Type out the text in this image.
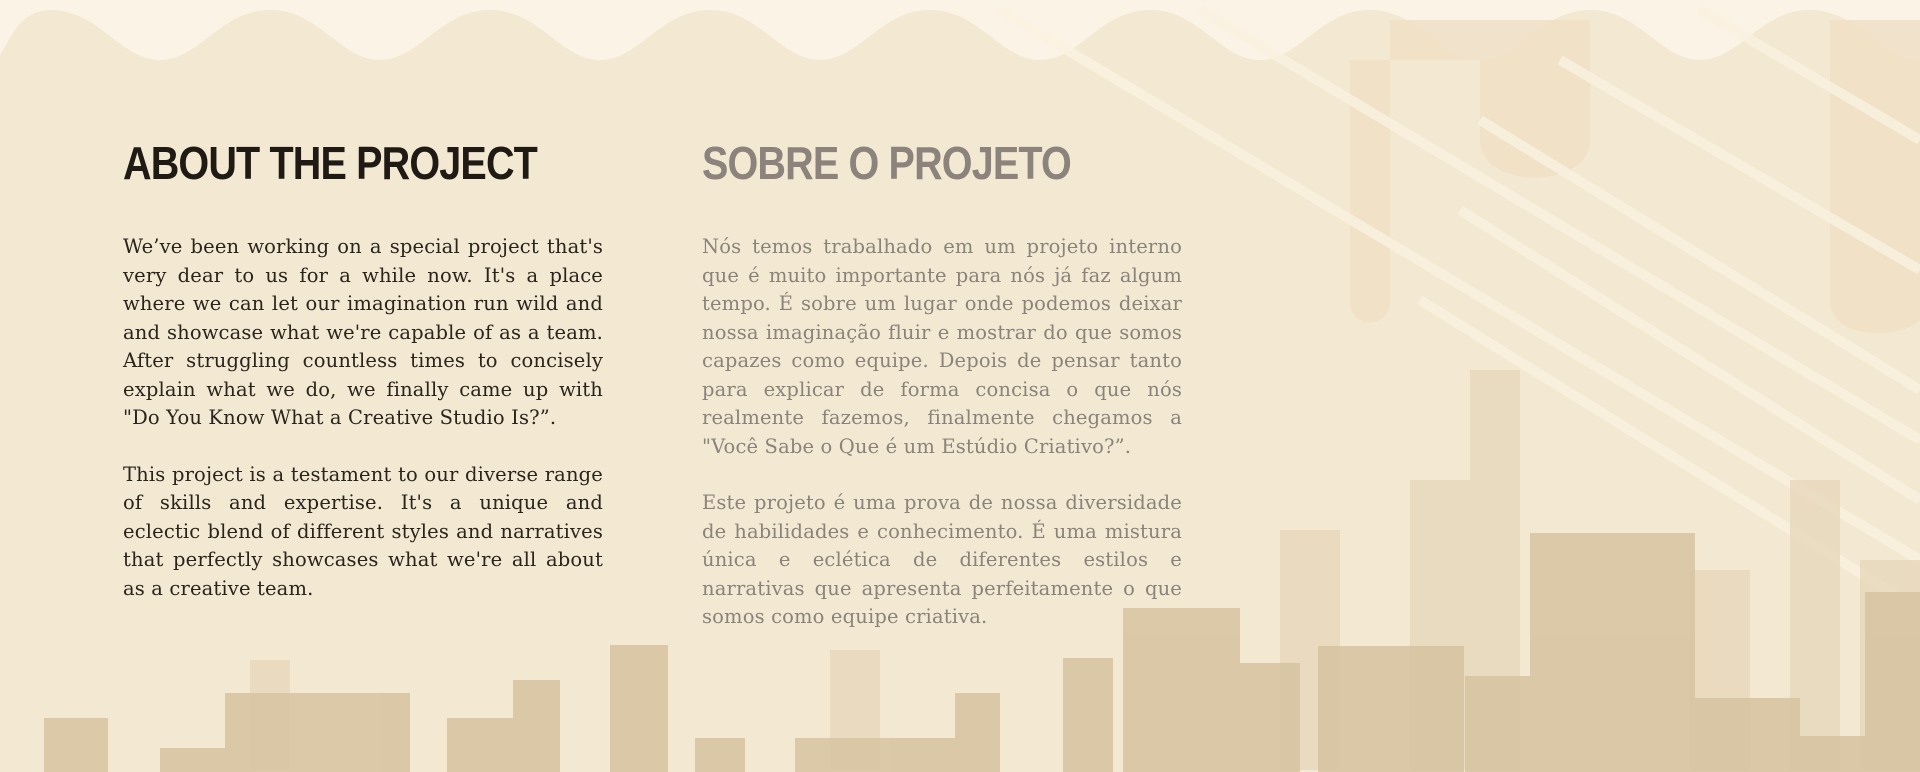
ABOUT THE PROJECT

We’ve been working on a special project that's very dear to us for a while now. It's a place where we can let our imagination run wild and and showcase what we're capable of as a team. After struggling countless times to concisely explain what we do, we finally came up with "Do You Know What a Creative Studio Is?”.

This project is a testament to our diverse range of skills and expertise. It's a unique and eclectic blend of different styles and narratives that perfectly showcases what we're all about as a creative team.

SOBRE O PROJETO

Nós temos trabalhado em um projeto interno que é muito importante para nós já faz algum tempo. É sobre um lugar onde podemos deixar nossa imaginação fluir e mostrar do que somos capazes como equipe. Depois de pensar tanto para explicar de forma concisa o que nós realmente fazemos, finalmente chegamos a "Você Sabe o Que é um Estúdio Criativo?”.

Este projeto é uma prova de nossa diversidade de habilidades e conhecimento. É uma mistura única e eclética de diferentes estilos e narrativas que apresenta perfeitamente o que somos como equipe criativa.
